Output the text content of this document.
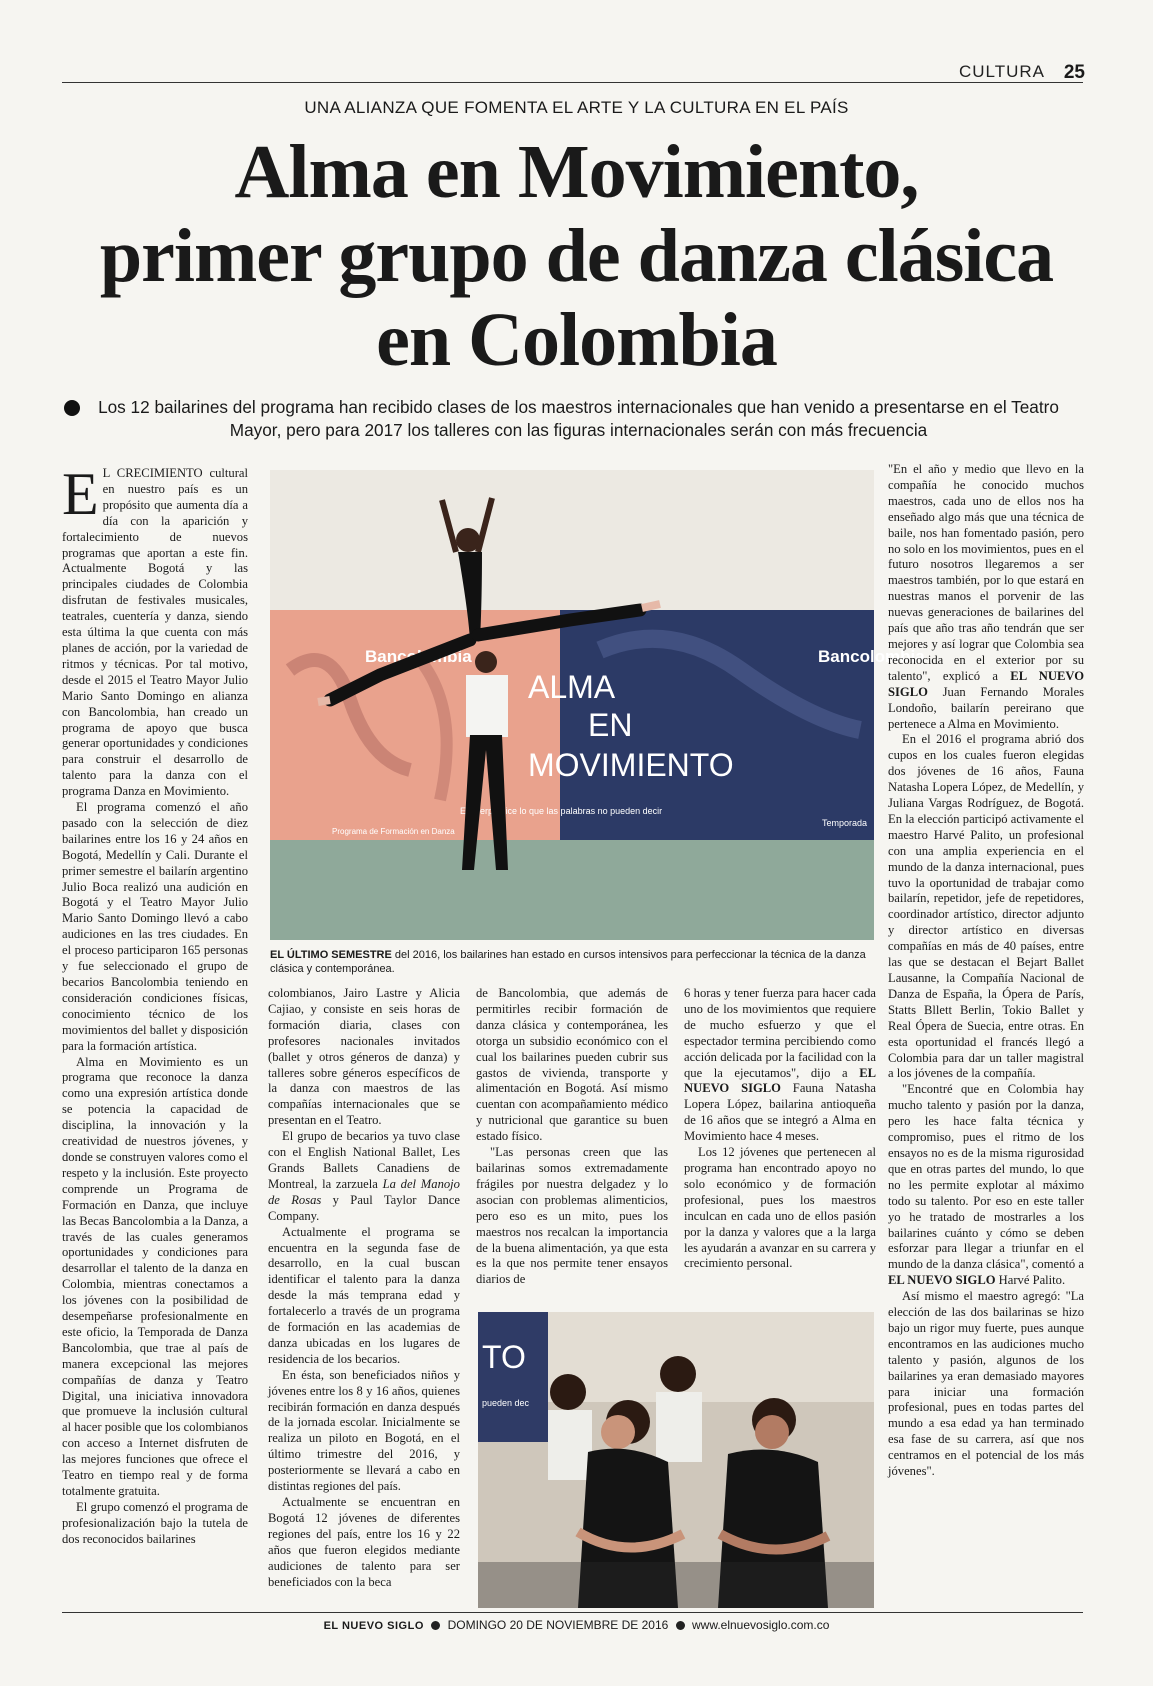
CULTURA 25
UNA ALIANZA QUE FOMENTA EL ARTE Y LA CULTURA EN EL PAÍS
Alma en Movimiento,
primer grupo de danza clásica
en Colombia
Los 12 bailarines del programa han recibido clases de los maestros internacionales que han venido a presentarse en el Teatro Mayor, pero para 2017 los talleres con las figuras internacionales serán con más frecuencia

E L CRECIMIENTO cultural en nuestro país es un propósito que aumenta día a día con la aparición y fortalecimiento de nuevos programas que aportan a este fin. Actualmente Bogotá y las principales ciudades de Colombia disfrutan de festivales musicales, teatrales, cuentería y danza, siendo esta última la que cuenta con más planes de acción, por la variedad de ritmos y técnicas. Por tal motivo, desde el 2015 el Teatro Mayor Julio Mario Santo Domingo en alianza con Bancolombia, han creado un programa de apoyo que busca generar oportunidades y condiciones para construir el desarrollo de talento para la danza con el programa Danza en Movimiento.

El programa comenzó el año pasado con la selección de diez bailarines entre los 16 y 24 años en Bogotá, Medellín y Cali. Durante el primer semestre el bailarín argentino Julio Boca realizó una audición en Bogotá y el Teatro Mayor Julio Mario Santo Domingo llevó a cabo audiciones en las tres ciudades. En el proceso participaron 165 personas y fue seleccionado el grupo de becarios Bancolombia teniendo en consideración condiciones físicas, conocimiento técnico de los movimientos del ballet y disposición para la formación artística.

Alma en Movimiento es un programa que reconoce la danza como una expresión artística donde se potencia la capacidad de disciplina, la innovación y la creatividad de nuestros jóvenes, y donde se construyen valores como el respeto y la inclusión. Este proyecto comprende un Programa de Formación en Danza, que incluye las Becas Bancolombia a la Danza, a través de las cuales generamos oportunidades y condiciones para desarrollar el talento de la danza en Colombia, mientras conectamos a los jóvenes con la posibilidad de desempeñarse profesionalmente en este oficio, la Temporada de Danza Bancolombia, que trae al país de manera excepcional las mejores compañías de danza y Teatro Digital, una iniciativa innovadora que promueve la inclusión cultural al hacer posible que los colombianos con acceso a Internet disfruten de las mejores funciones que ofrece el Teatro en tiempo real y de forma totalmente gratuita.

El grupo comenzó el programa de profesionalización bajo la tutela de dos reconocidos bailarines

Bancolombia
ALMA
EN
MOVIMIENTO
El cuerpo dice lo que las palabras no pueden decir
Programa de Formación en Danza
Bancolombia
Temporada
EL ÚLTIMO SEMESTRE del 2016, los bailarines han estado en cursos intensivos para perfeccionar la técnica de la danza clásica y contemporánea.

colombianos, Jairo Lastre y Alicia Cajiao, y consiste en seis horas de formación diaria, clases con profesores nacionales invitados (ballet y otros géneros de danza) y talleres sobre géneros específicos de la danza con maestros de las compañías internacionales que se presentan en el Teatro.

El grupo de becarios ya tuvo clase con el English National Ballet, Les Grands Ballets Canadiens de Montreal, la zarzuela La del Manojo de Rosas y Paul Taylor Dance Company.

Actualmente el programa se encuentra en la segunda fase de desarrollo, en la cual buscan identificar el talento para la danza desde la más temprana edad y fortalecerlo a través de un programa de formación en las academias de danza ubicadas en los lugares de residencia de los becarios.

En ésta, son beneficiados niños y jóvenes entre los 8 y 16 años, quienes recibirán formación en danza después de la jornada escolar. Inicialmente se realiza un piloto en Bogotá, en el último trimestre del 2016, y posteriormente se llevará a cabo en distintas regiones del país.

Actualmente se encuentran en Bogotá 12 jóvenes de diferentes regiones del país, entre los 16 y 22 años que fueron elegidos mediante audiciones de talento para ser beneficiados con la beca

de Bancolombia, que además de permitirles recibir formación de danza clásica y contemporánea, les otorga un subsidio económico con el cual los bailarines pueden cubrir sus gastos de vivienda, transporte y alimentación en Bogotá. Así mismo cuentan con acompañamiento médico y nutricional que garantice su buen estado físico.

"Las personas creen que las bailarinas somos extremadamente frágiles por nuestra delgadez y lo asocian con problemas alimenticios, pero eso es un mito, pues los maestros nos recalcan la importancia de la buena alimentación, ya que esta es la que nos permite tener ensayos diarios de

6 horas y tener fuerza para hacer cada uno de los movimientos que requiere de mucho esfuerzo y que el espectador termina percibiendo como acción delicada por la facilidad con la que la ejecutamos", dijo a EL NUEVO SIGLO Fauna Natasha Lopera López, bailarina antioqueña de 16 años que se integró a Alma en Movimiento hace 4 meses.

Los 12 jóvenes que pertenecen al programa han encontrado apoyo no solo económico y de formación profesional, pues los maestros inculcan en cada uno de ellos pasión por la danza y valores que a la larga les ayudarán a avanzar en su carrera y crecimiento personal.

TO
pueden dec

"En el año y medio que llevo en la compañía he conocido muchos maestros, cada uno de ellos nos ha enseñado algo más que una técnica de baile, nos han fomentado pasión, pero no solo en los movimientos, pues en el futuro nosotros llegaremos a ser maestros también, por lo que estará en nuestras manos el porvenir de las nuevas generaciones de bailarines del país que año tras año tendrán que ser mejores y así lograr que Colombia sea reconocida en el exterior por su talento", explicó a EL NUEVO SIGLO Juan Fernando Morales Londoño, bailarín pereirano que pertenece a Alma en Movimiento.

En el 2016 el programa abrió dos cupos en los cuales fueron elegidas dos jóvenes de 16 años, Fauna Natasha Lopera López, de Medellín, y Juliana Vargas Rodríguez, de Bogotá. En la elección participó activamente el maestro Harvé Palito, un profesional con una amplia experiencia en el mundo de la danza internacional, pues tuvo la oportunidad de trabajar como bailarín, repetidor, jefe de repetidores, coordinador artístico, director adjunto y director artístico en diversas compañías en más de 40 países, entre las que se destacan el Bejart Ballet Lausanne, la Compañía Nacional de Danza de España, la Ópera de París, Statts Bllett Berlin, Tokio Ballet y Real Ópera de Suecia, entre otras. En esta oportunidad el francés llegó a Colombia para dar un taller magistral a los jóvenes de la compañía.

"Encontré que en Colombia hay mucho talento y pasión por la danza, pero les hace falta técnica y compromiso, pues el ritmo de los ensayos no es de la misma rigurosidad que en otras partes del mundo, lo que no les permite explotar al máximo todo su talento. Por eso en este taller yo he tratado de mostrarles a los bailarines cuánto y cómo se deben esforzar para llegar a triunfar en el mundo de la danza clásica", comentó a EL NUEVO SIGLO Harvé Palito.

Así mismo el maestro agregó: "La elección de las dos bailarinas se hizo bajo un rigor muy fuerte, pues aunque encontramos en las audiciones mucho talento y pasión, algunos de los bailarines ya eran demasiado mayores para iniciar una formación profesional, pues en todas partes del mundo a esa edad ya han terminado esa fase de su carrera, así que nos centramos en el potencial de los más jóvenes".

EL NUEVO SIGLO DOMINGO 20 DE NOVIEMBRE DE 2016 www.elnuevosiglo.com.co
